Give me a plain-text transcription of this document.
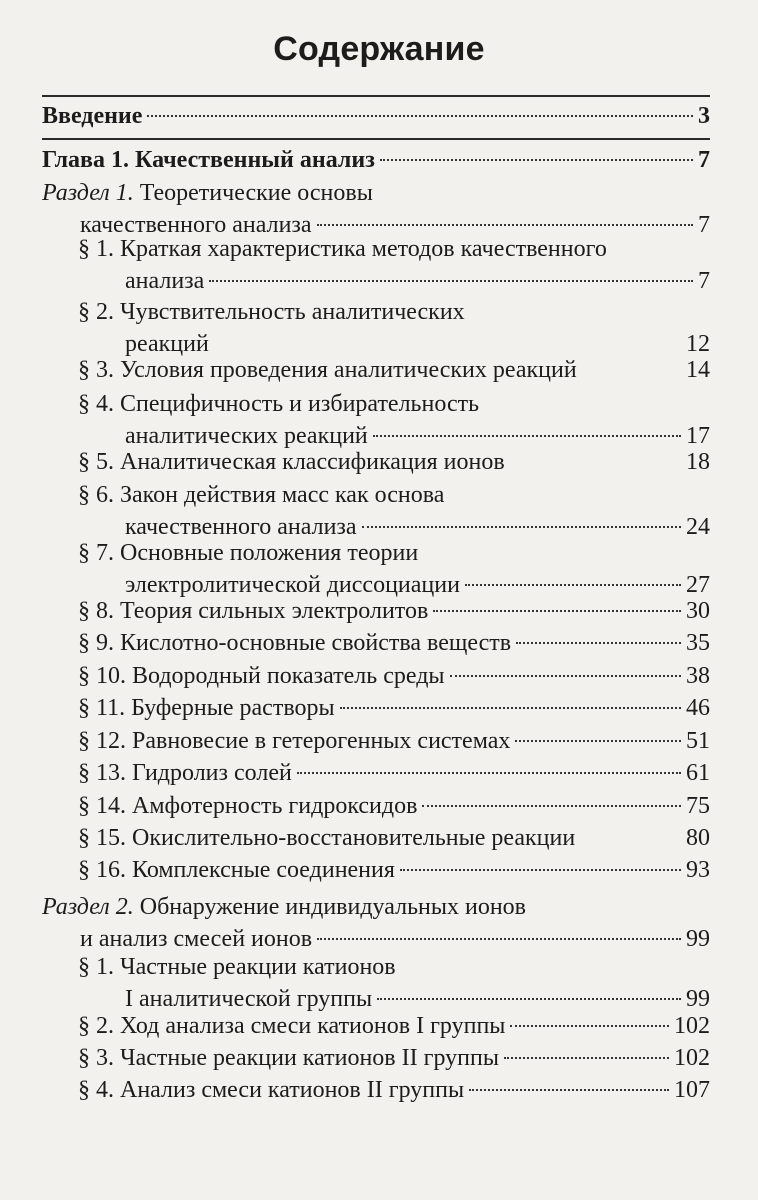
Содержание
Введение	3
Глава 1. Качественный анализ	7
Раздел 1. Теоретические основы
качественного анализа	7
§ 1. Краткая характеристика методов качественного
анализа	7
§ 2. Чувствительность аналитических
реакций	12
§ 3. Условия проведения аналитических реакций	14
§ 4. Специфичность и избирательность
аналитических реакций	17
§ 5. Аналитическая классификация ионов	18
§ 6. Закон действия масс как основа
качественного анализа	24
§ 7. Основные положения теории
электролитической диссоциации	27
§ 8. Теория сильных электролитов	30
§ 9. Кислотно-основные свойства веществ	35
§ 10. Водородный показатель среды	38
§ 11. Буферные растворы	46
§ 12. Равновесие в гетерогенных системах	51
§ 13. Гидролиз солей	61
§ 14. Амфотерность гидроксидов	75
§ 15. Окислительно-восстановительные реакции	80
§ 16. Комплексные соединения	93
Раздел 2. Обнаружение индивидуальных ионов
и анализ смесей ионов	99
§ 1. Частные реакции катионов
I аналитической группы	99
§ 2. Ход анализа смеси катионов I группы	102
§ 3. Частные реакции катионов II группы	102
§ 4. Анализ смеси катионов II группы	107
